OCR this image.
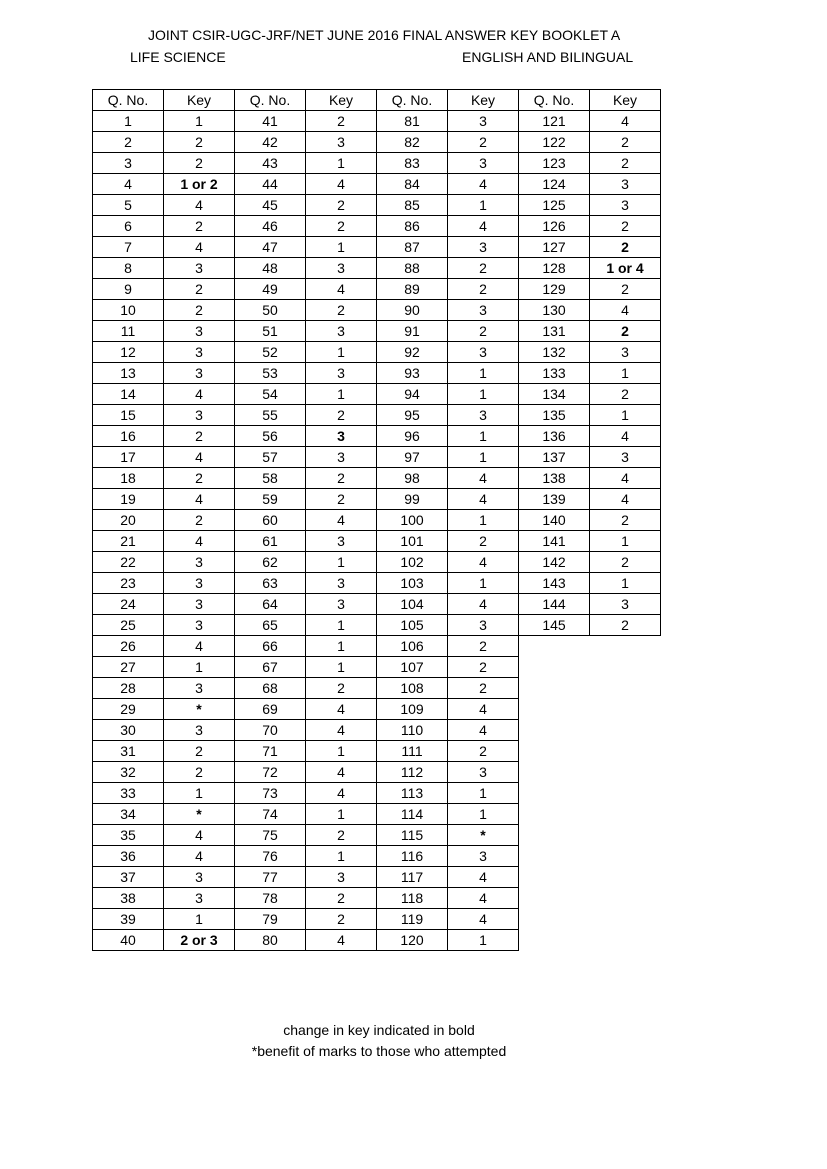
JOINT CSIR-UGC-JRF/NET JUNE 2016 FINAL ANSWER KEY BOOKLET A
LIFE SCIENCE	ENGLISH AND BILINGUAL
Q. No.	Key	Q. No.	Key	Q. No.	Key	Q. No.	Key
1	1	41	2	81	3	121	4
2	2	42	3	82	2	122	2
3	2	43	1	83	3	123	2
4	1 or 2	44	4	84	4	124	3
5	4	45	2	85	1	125	3
6	2	46	2	86	4	126	2
7	4	47	1	87	3	127	2
8	3	48	3	88	2	128	1 or 4
9	2	49	4	89	2	129	2
10	2	50	2	90	3	130	4
11	3	51	3	91	2	131	2
12	3	52	1	92	3	132	3
13	3	53	3	93	1	133	1
14	4	54	1	94	1	134	2
15	3	55	2	95	3	135	1
16	2	56	3	96	1	136	4
17	4	57	3	97	1	137	3
18	2	58	2	98	4	138	4
19	4	59	2	99	4	139	4
20	2	60	4	100	1	140	2
21	4	61	3	101	2	141	1
22	3	62	1	102	4	142	2
23	3	63	3	103	1	143	1
24	3	64	3	104	4	144	3
25	3	65	1	105	3	145	2
26	4	66	1	106	2		
27	1	67	1	107	2		
28	3	68	2	108	2		
29	*	69	4	109	4		
30	3	70	4	110	4		
31	2	71	1	111	2		
32	2	72	4	112	3		
33	1	73	4	113	1		
34	*	74	1	114	1		
35	4	75	2	115	*		
36	4	76	1	116	3		
37	3	77	3	117	4		
38	3	78	2	118	4		
39	1	79	2	119	4		
40	2 or 3	80	4	120	1		
change in key indicated in bold
*benefit of marks to those who attempted
